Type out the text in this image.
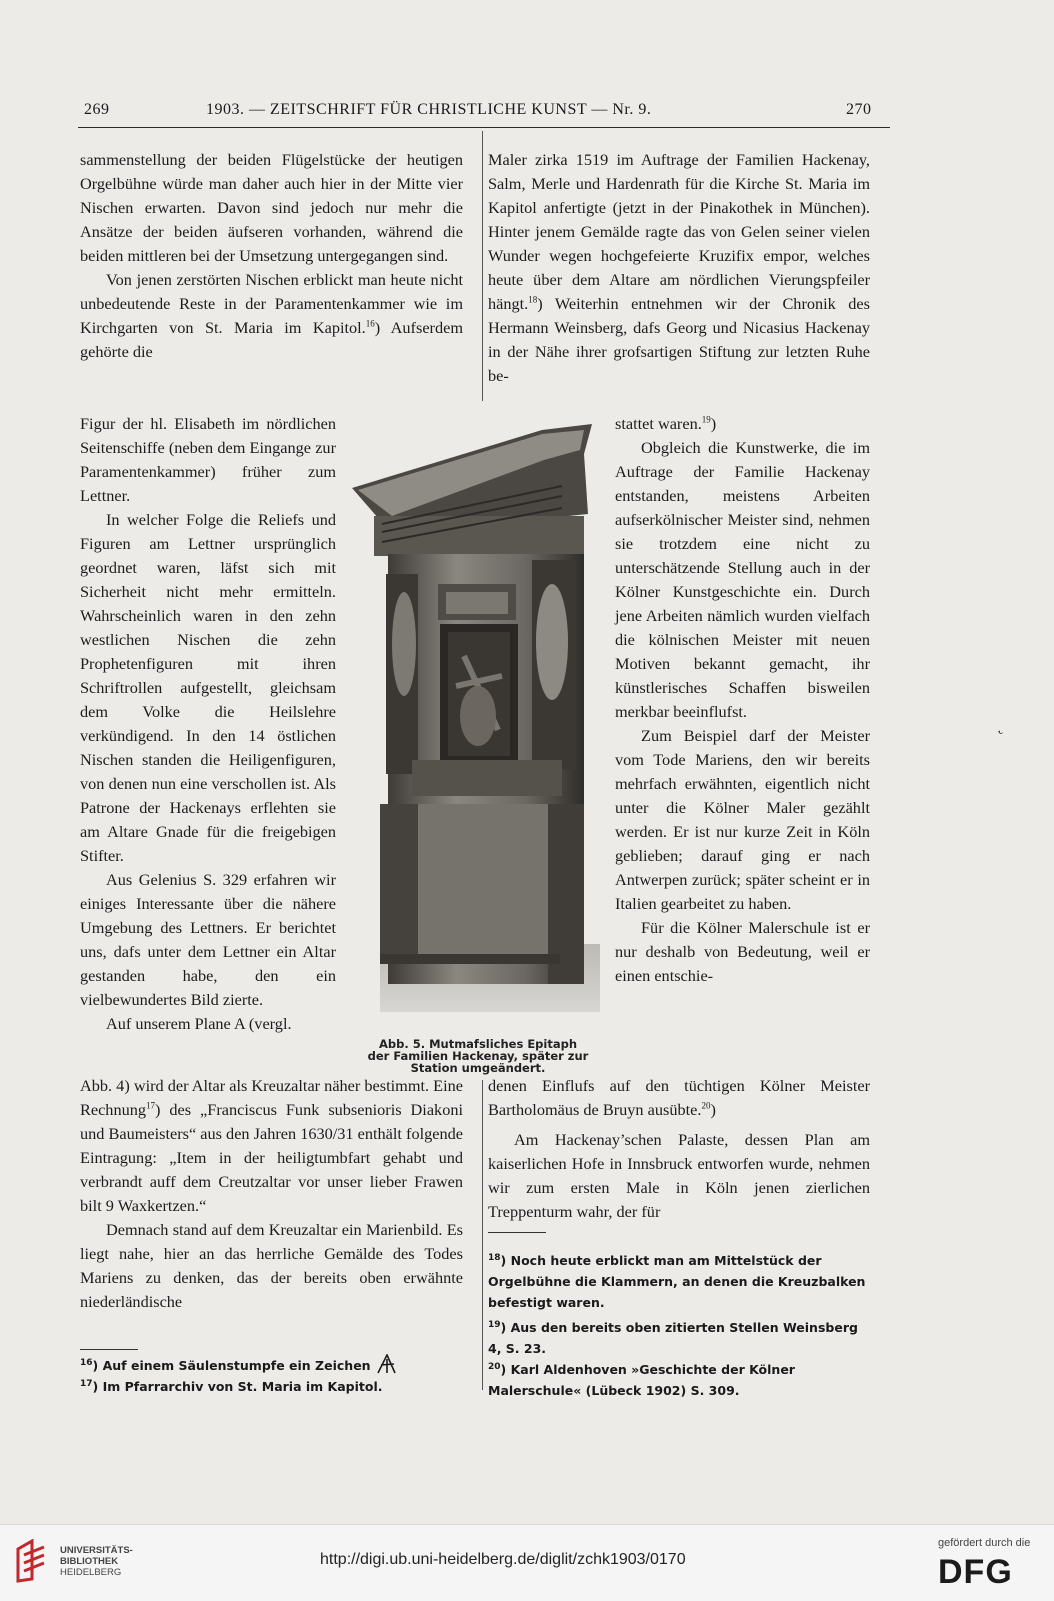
269	1903. — ZEITSCHRIFT FÜR CHRISTLICHE KUNST — Nr. 9.	270

sammenstellung der beiden Flügelstücke der heutigen Orgelbühne würde man daher auch hier in der Mitte vier Nischen erwarten. Davon sind jedoch nur mehr die Ansätze der beiden äufseren vorhanden, während die beiden mittleren bei der Umsetzung untergegangen sind.

Von jenen zerstörten Nischen erblickt man heute nicht unbedeutende Reste in der Paramentenkammer wie im Kirchgarten von St. Maria im Kapitol.$^{16}$) Aufserdem gehörte die

Figur der hl. Elisabeth im nördlichen Seitenschiffe (neben dem Eingange zur Paramentenkammer) früher zum Lettner.

In welcher Folge die Reliefs und Figuren am Lettner ursprünglich geordnet waren, läfst sich mit Sicherheit nicht mehr ermitteln. Wahrscheinlich waren in den zehn westlichen Nischen die zehn Prophetenfiguren mit ihren Schriftrollen aufgestellt, gleichsam dem Volke die Heilslehre verkündigend. In den 14 östlichen Nischen standen die Heiligenfiguren, von denen nun eine verschollen ist. Als Patrone der Hackenays erflehten sie am Altare Gnade für die freigebigen Stifter.

Aus Gelenius S. 329 erfahren wir einiges Interessante über die nähere Umgebung des Lettners. Er berichtet uns, dafs unter dem Lettner ein Altar gestanden habe, den ein vielbewundertes Bild zierte.

Auf unserem Plane A (vergl.

Abb. 4) wird der Altar als Kreuzaltar näher bestimmt. Eine Rechnung$^{17}$) des „Franciscus Funk subsenioris Diakoni und Baumeisters“ aus den Jahren 1630/31 enthält folgende Eintragung: „Item in der heiligtumbfart gehabt und verbrandt auff dem Creutzaltar vor unser lieber Frawen bilt 9 Waxkertzen.“

Demnach stand auf dem Kreuzaltar ein Marienbild. Es liegt nahe, hier an das herrliche Gemälde des Todes Mariens zu denken, das der bereits oben erwähnte niederländische

$^{16}$) Auf einem Säulenstumpfe ein Zeichen

$^{17}$) Im Pfarrarchiv von St. Maria im Kapitol.

Maler zirka 1519 im Auftrage der Familien Hackenay, Salm, Merle und Hardenrath für die Kirche St. Maria im Kapitol anfertigte (jetzt in der Pinakothek in München). Hinter jenem Gemälde ragte das von Gelen seiner vielen Wunder wegen hochgefeierte Kruzifix empor, welches heute über dem Altare am nördlichen Vierungspfeiler hängt.$^{18}$) Weiterhin entnehmen wir der Chronik des Hermann Weinsberg, dafs Georg und Nicasius Hackenay in der Nähe ihrer grofsartigen Stiftung zur letzten Ruhe be-

stattet waren.$^{19}$)

Obgleich die Kunstwerke, die im Auftrage der Familie Hackenay entstanden, meistens Arbeiten aufserkölnischer Meister sind, nehmen sie trotzdem eine nicht zu unterschätzende Stellung auch in der Kölner Kunstgeschichte ein. Durch jene Arbeiten nämlich wurden vielfach die kölnischen Meister mit neuen Motiven bekannt gemacht, ihr künstlerisches Schaffen bisweilen merkbar beeinflufst.

Zum Beispiel darf der Meister vom Tode Mariens, den wir bereits mehrfach erwähnten, eigentlich nicht unter die Kölner Maler gezählt werden. Er ist nur kurze Zeit in Köln geblieben; darauf ging er nach Antwerpen zurück; später scheint er in Italien gearbeitet zu haben.

Für die Kölner Malerschule ist er nur deshalb von Bedeutung, weil er einen entschie-

denen Einflufs auf den tüchtigen Kölner Meister Bartholomäus de Bruyn ausübte.$^{20}$)

Am Hackenay’schen Palaste, dessen Plan am kaiserlichen Hofe in Innsbruck entworfen wurde, nehmen wir zum ersten Male in Köln jenen zierlichen Treppenturm wahr, der für

$^{18}$) Noch heute erblickt man am Mittelstück der Orgelbühne die Klammern, an denen die Kreuzbalken befestigt waren.

$^{19}$) Aus den bereits oben zitierten Stellen Weinsberg 4, S. 23.

$^{20}$) Karl Aldenhoven »Geschichte der Kölner Malerschule« (Lübeck 1902) S. 309.

Abb. 5. Mutmafsliches Epitaph
der Familien Hackenay, später zur
Station umgeändert.
˞
UNIVERSITÄTS-
BIBLIOTHEK
HEIDELBERG
http://digi.ub.uni-heidelberg.de/diglit/zchk1903/0170
gefördert durch die
DFG
